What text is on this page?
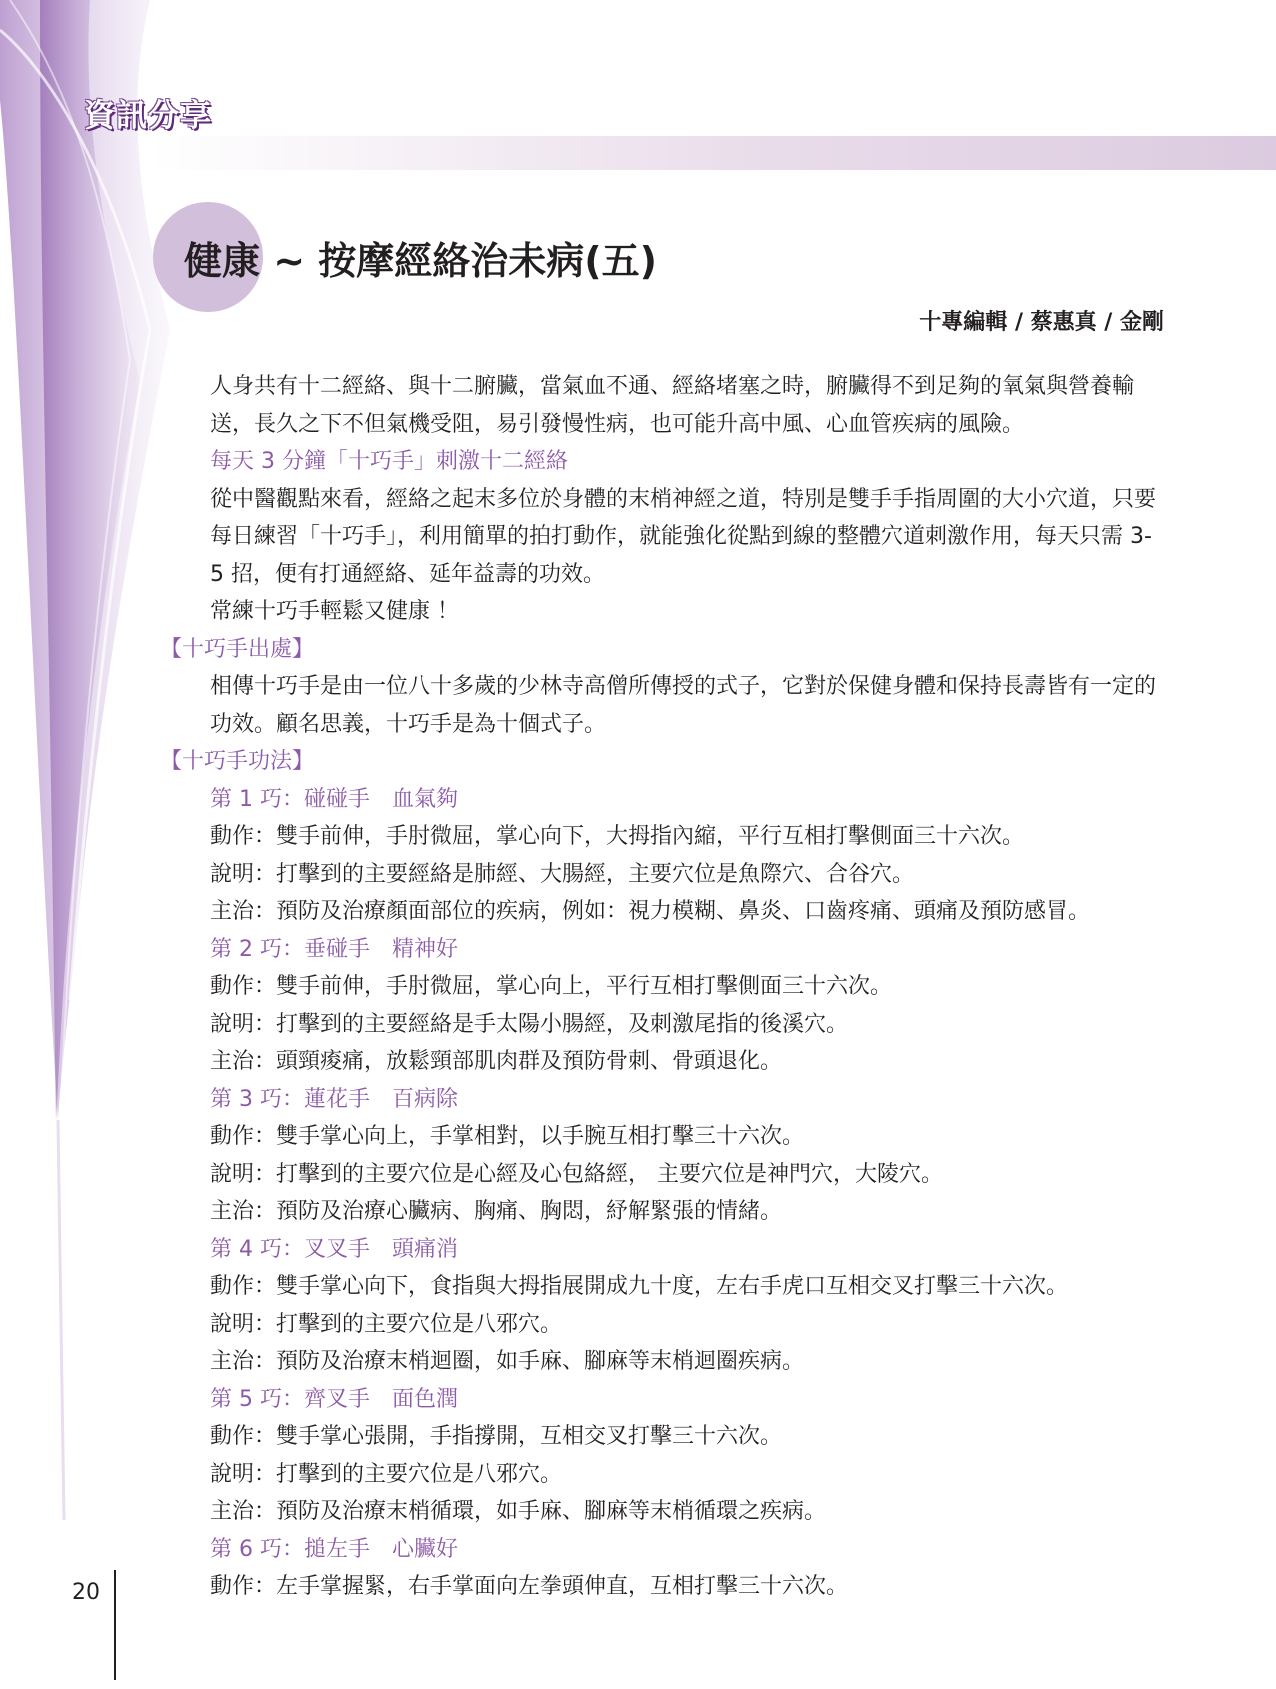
資訊分享
健康 ~ 按摩經絡治未病(五)
十專編輯 / 蔡惠真 / 金剛

人身共有十二經絡、與十二腑臟，當氣血不通、經絡堵塞之時，腑臟得不到足夠的氧氣與營養輸送，長久之下不但氣機受阻，易引發慢性病，也可能升高中風、心血管疾病的風險。

每天 3 分鐘「十巧手」刺激十二經絡

從中醫觀點來看，經絡之起末多位於身體的末梢神經之道，特別是雙手手指周圍的大小穴道，只要每日練習「十巧手」，利用簡單的拍打動作，就能強化從點到線的整體穴道刺激作用，每天只需 3-5 招，便有打通經絡、延年益壽的功效。

常練十巧手輕鬆又健康 ！

【十巧手出處】

相傳十巧手是由一位八十多歲的少林寺高僧所傳授的式子，它對於保健身體和保持長壽皆有一定的功效。顧名思義，十巧手是為十個式子。

【十巧手功法】

第 1 巧：碰碰手　血氣夠

動作：雙手前伸，手肘微屈，掌心向下，大拇指內縮，平行互相打擊側面三十六次。

說明：打擊到的主要經絡是肺經、大腸經，主要穴位是魚際穴、合谷穴。

主治：預防及治療顏面部位的疾病，例如：視力模糊、鼻炎、口齒疼痛、頭痛及預防感冒。

第 2 巧：垂碰手　精神好

動作：雙手前伸，手肘微屈，掌心向上，平行互相打擊側面三十六次。

說明：打擊到的主要經絡是手太陽小腸經，及刺激尾指的後溪穴。

主治：頭頸痠痛，放鬆頸部肌肉群及預防骨刺、骨頭退化。

第 3 巧：蓮花手　百病除

動作：雙手掌心向上，手掌相對，以手腕互相打擊三十六次。

說明：打擊到的主要穴位是心經及心包絡經， 主要穴位是神門穴，大陵穴。

主治：預防及治療心臟病、胸痛、胸悶，紓解緊張的情緒。

第 4 巧：叉叉手　頭痛消

動作：雙手掌心向下，食指與大拇指展開成九十度，左右手虎口互相交叉打擊三十六次。

說明：打擊到的主要穴位是八邪穴。

主治：預防及治療末梢迴圈，如手麻、腳麻等末梢迴圈疾病。

第 5 巧：齊叉手　面色潤

動作：雙手掌心張開，手指撐開，互相交叉打擊三十六次。

說明：打擊到的主要穴位是八邪穴。

主治：預防及治療末梢循環，如手麻、腳麻等末梢循環之疾病。

第 6 巧：搥左手　心臟好

動作：左手掌握緊，右手掌面向左拳頭伸直，互相打擊三十六次。

20
